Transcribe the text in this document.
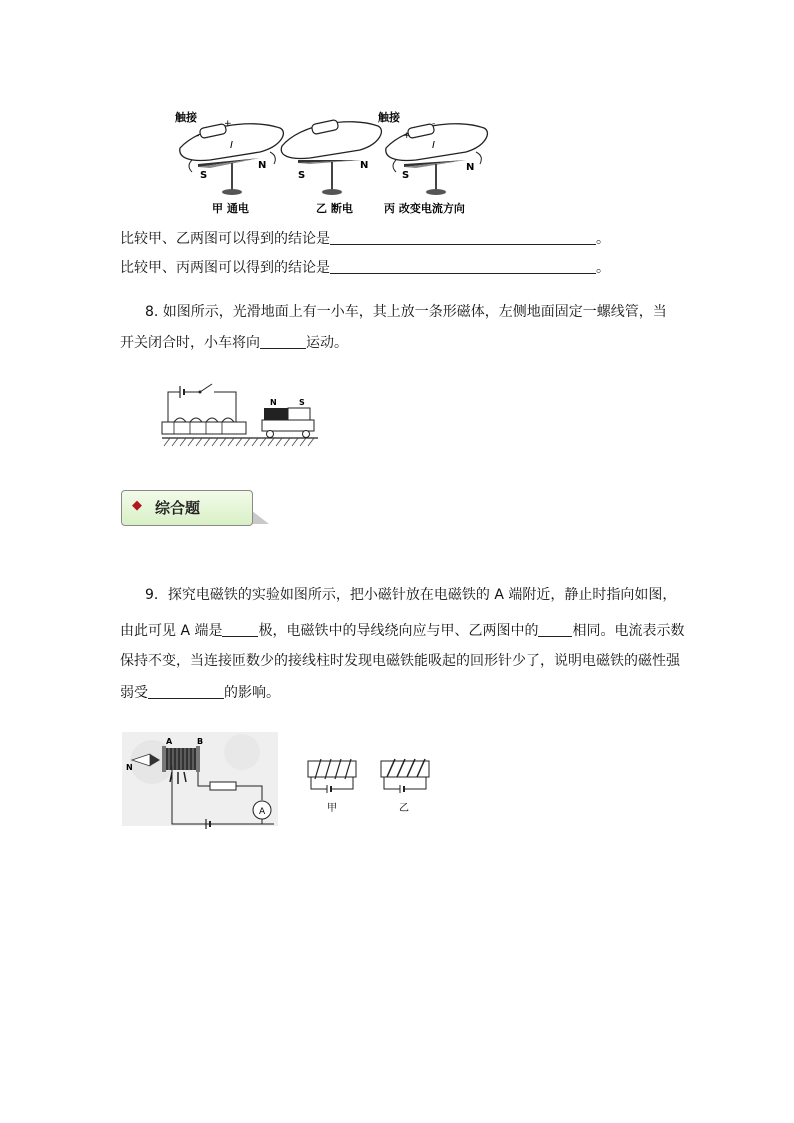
触接	+
-
I
S
N
甲 通电
S
N
乙 断电
触接	-
+
I
S
N
丙 改变电流方向
比较甲、乙两图可以得到的结论是	。
比较甲、丙两图可以得到的结论是	。
8. 如图所示，光滑地面上有一小车，其上放一条形磁体，左侧地面固定一螺线管，当
开关闭合时，小车将向	运动。
N	S
◆ 综合题
9．探究电磁铁的实验如图所示，把小磁针放在电磁铁的 A 端附近，静止时指向如图，
由此可见 A 端是	极，电磁铁中的导线绕向应与甲、乙两图中的 相同。电流表示数
保持不变，当连接匝数少的接线柱时发现电磁铁能吸起的回形针少了，说明电磁铁的磁性强
弱受	的影响。
N
A	B
A	甲	乙
